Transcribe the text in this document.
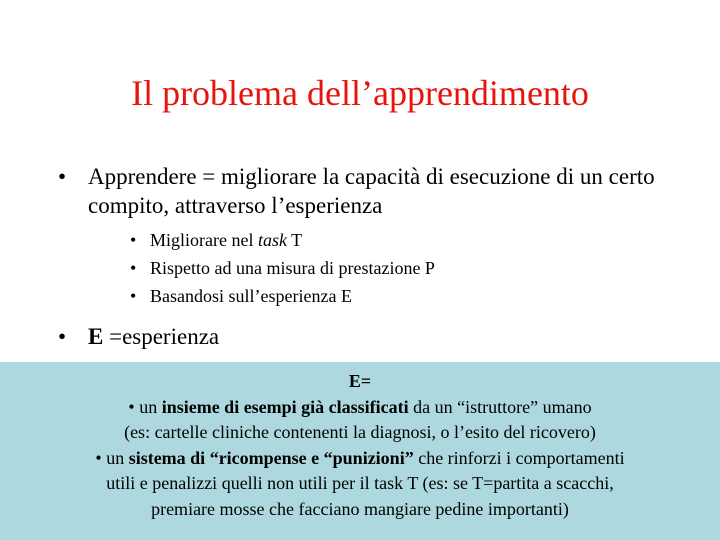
Il problema dell’apprendimento
• Apprendere = migliorare la capacità di esecuzione di un certo compito, attraverso l’esperienza
• Migliorare nel task T
• Rispetto ad una misura di prestazione P
• Basandosi sull’esperienza E
• E =esperienza
E=
• un insieme di esempi già classificati da un “istruttore” umano
(es: cartelle cliniche contenenti la diagnosi, o l’esito del ricovero)
• un sistema di “ricompense e “punizioni” che rinforzi i comportamenti
utili e penalizzi quelli non utili per il task T (es: se T=partita a scacchi,
premiare mosse che facciano mangiare pedine importanti)
